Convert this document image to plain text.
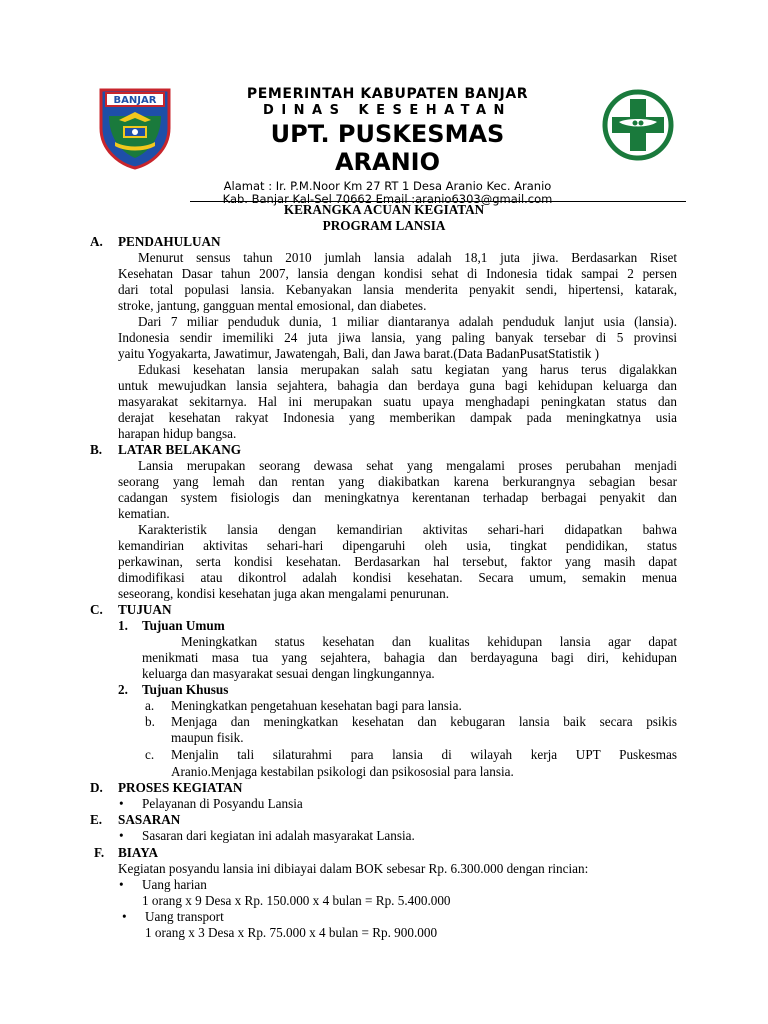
BANJAR	PEMERINTAH KABUPATEN BANJAR
DINAS KESEHATAN
UPT. PUSKESMAS
ARANIO
Alamat : Ir. P.M.Noor Km 27 RT 1 Desa Aranio Kec. Aranio
Kab. Banjar Kal-Sel 70662 Email :aranio6303@gmail.com
KERANGKA ACUAN KEGIATAN
PROGRAM LANSIA
A. PENDAHULUAN
Menurut sensus tahun 2010 jumlah lansia adalah 18,1 juta jiwa. Berdasarkan Riset
Kesehatan Dasar tahun 2007, lansia dengan kondisi sehat di Indonesia tidak sampai 2 persen
dari total populasi lansia. Kebanyakan lansia menderita penyakit sendi, hipertensi, katarak,
stroke, jantung, gangguan mental emosional, dan diabetes.
Dari 7 miliar penduduk dunia, 1 miliar diantaranya adalah penduduk lanjut usia (lansia).
Indonesia sendir imemiliki 24 juta jiwa lansia, yang paling banyak tersebar di 5 provinsi
yaitu Yogyakarta, Jawatimur, Jawatengah, Bali, dan Jawa barat.(Data BadanPusatStatistik )
Edukasi kesehatan lansia merupakan salah satu kegiatan yang harus terus digalakkan
untuk mewujudkan lansia sejahtera, bahagia dan berdaya guna bagi kehidupan keluarga dan
masyarakat sekitarnya. Hal ini merupakan suatu upaya menghadapi peningkatan status dan
derajat kesehatan rakyat Indonesia yang memberikan dampak pada meningkatnya usia
harapan hidup bangsa.
B. LATAR BELAKANG
Lansia merupakan seorang dewasa sehat yang mengalami proses perubahan menjadi
seorang yang lemah dan rentan yang diakibatkan karena berkurangnya sebagian besar
cadangan system fisiologis dan meningkatnya kerentanan terhadap berbagai penyakit dan
kematian.
Karakteristik lansia dengan kemandirian aktivitas sehari-hari didapatkan bahwa
kemandirian aktivitas sehari-hari dipengaruhi oleh usia, tingkat pendidikan, status
perkawinan, serta kondisi kesehatan. Berdasarkan hal tersebut, faktor yang masih dapat
dimodifikasi atau dikontrol adalah kondisi kesehatan. Secara umum, semakin menua
seseorang, kondisi kesehatan juga akan mengalami penurunan.
C. TUJUAN
1. Tujuan Umum
Meningkatkan status kesehatan dan kualitas kehidupan lansia agar dapat
menikmati masa tua yang sejahtera, bahagia dan berdayaguna bagi diri, kehidupan
keluarga dan masyarakat sesuai dengan lingkungannya.
2. Tujuan Khusus
a. Meningkatkan pengetahuan kesehatan bagi para lansia.
b. Menjaga dan meningkatkan kesehatan dan kebugaran lansia baik secara psikis
maupun fisik.
c. Menjalin tali silaturahmi para lansia di wilayah kerja UPT Puskesmas
Aranio.Menjaga kestabilan psikologi dan psikososial para lansia.
D. PROSES KEGIATAN
• Pelayanan di Posyandu Lansia
E. SASARAN
• Sasaran dari kegiatan ini adalah masyarakat Lansia.
F. BIAYA
Kegiatan posyandu lansia ini dibiayai dalam BOK sebesar Rp. 6.300.000 dengan rincian:
• Uang harian
1 orang x 9 Desa x Rp. 150.000 x 4 bulan = Rp. 5.400.000
• Uang transport
1 orang x 3 Desa x Rp. 75.000 x 4 bulan = Rp. 900.000
